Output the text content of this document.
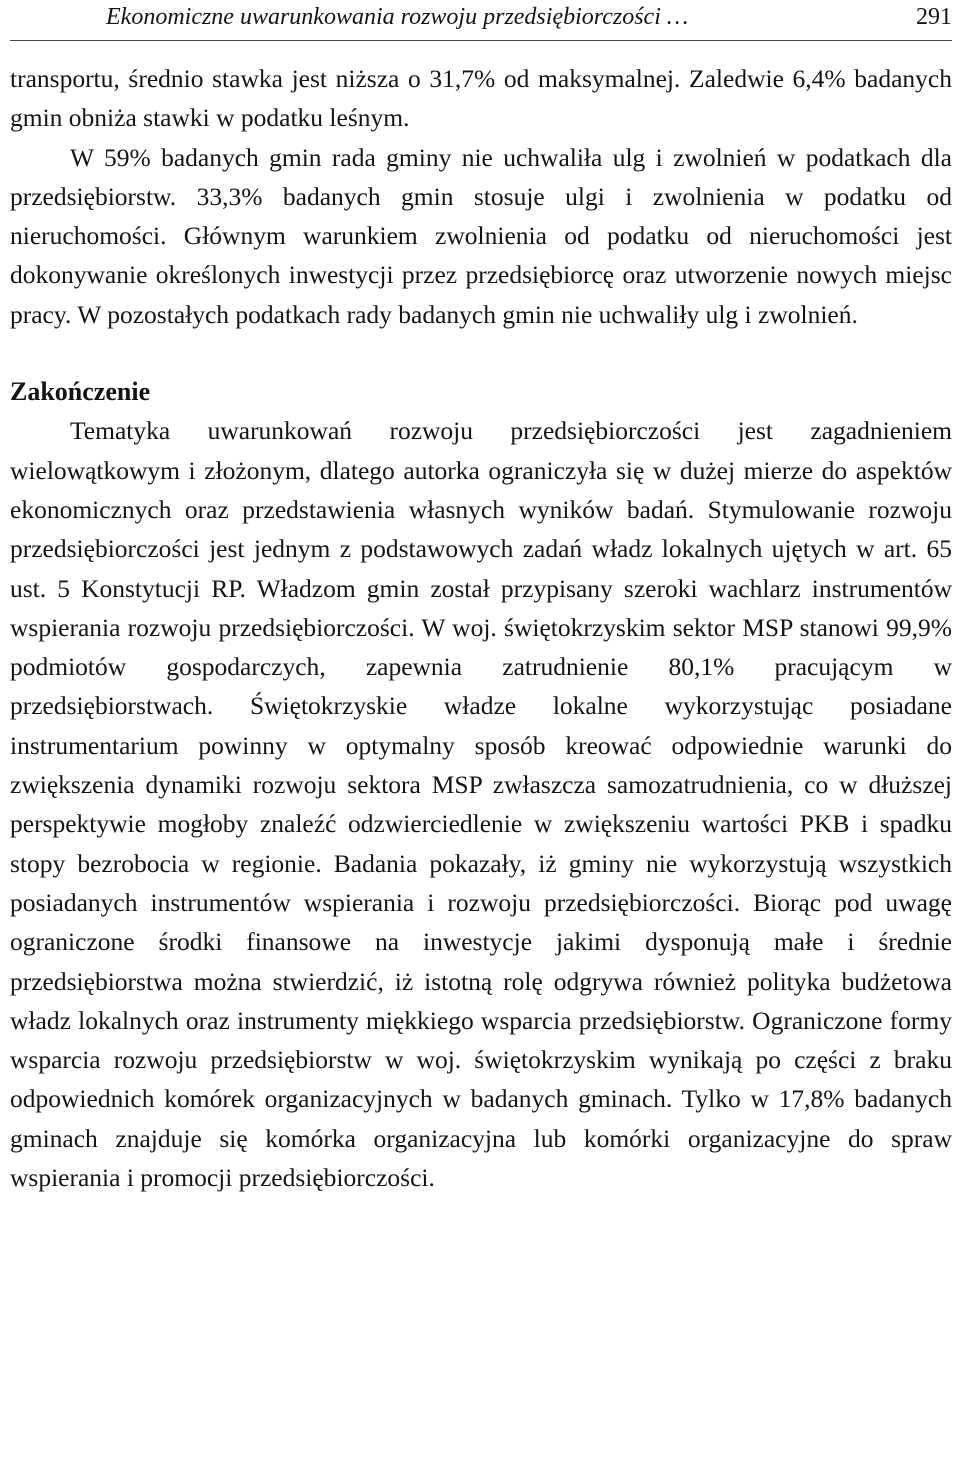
Ekonomiczne uwarunkowania rozwoju przedsiębiorczości …	291

transportu, średnio stawka jest niższa o 31,7% od maksymalnej. Zaledwie 6,4% badanych gmin obniża stawki w podatku leśnym.

W 59% badanych gmin rada gminy nie uchwaliła ulg i zwolnień w podatkach dla przedsiębiorstw. 33,3% badanych gmin stosuje ulgi i zwolnienia w podatku od nieruchomości. Głównym warunkiem zwolnienia od podatku od nieruchomości jest dokonywanie określonych inwestycji przez przedsiębiorcę oraz utworzenie nowych miejsc pracy. W pozostałych podatkach rady badanych gmin nie uchwaliły ulg i zwolnień.

Zakończenie

Tematyka uwarunkowań rozwoju przedsiębiorczości jest zagadnieniem wielowątkowym i złożonym, dlatego autorka ograniczyła się w dużej mierze do aspektów ekonomicznych oraz przedstawienia własnych wyników badań. Stymulowanie rozwoju przedsiębiorczości jest jednym z podstawowych zadań władz lokalnych ujętych w art. 65 ust. 5 Konstytucji RP. Władzom gmin został przypisany szeroki wachlarz instrumentów wspierania rozwoju przedsiębiorczości. W woj. świętokrzyskim sektor MSP stanowi 99,9% podmiotów gospodarczych, zapewnia zatrudnienie 80,1% pracującym w przedsiębiorstwach. Świętokrzyskie władze lokalne wykorzystując posiadane instrumentarium powinny w optymalny sposób kreować odpowiednie warunki do zwiększenia dynamiki rozwoju sektora MSP zwłaszcza samozatrudnienia, co w dłuższej perspektywie mogłoby znaleźć odzwierciedlenie w zwiększeniu wartości PKB i spadku stopy bezrobocia w regionie. Badania pokazały, iż gminy nie wykorzystują wszystkich posiadanych instrumentów wspierania i rozwoju przedsiębiorczości. Biorąc pod uwagę ograniczone środki finansowe na inwestycje jakimi dysponują małe i średnie przedsiębiorstwa można stwierdzić, iż istotną rolę odgrywa również polityka budżetowa władz lokalnych oraz instrumenty miękkiego wsparcia przedsiębiorstw. Ograniczone formy wsparcia rozwoju przedsiębiorstw w woj. świętokrzyskim wynikają po części z braku odpowiednich komórek organizacyjnych w badanych gminach. Tylko w 17,8% badanych gminach znajduje się komórka organizacyjna lub komórki organizacyjne do spraw wspierania i promocji przedsiębiorczości.
